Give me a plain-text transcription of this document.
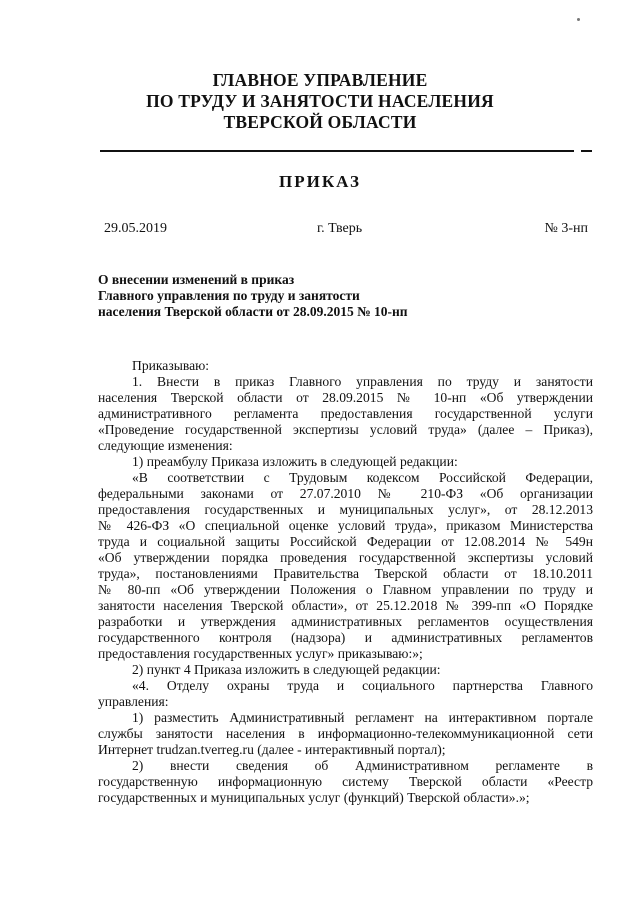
ГЛАВНОЕ УПРАВЛЕНИЕ
ПО ТРУДУ И ЗАНЯТОСТИ НАСЕЛЕНИЯ
ТВЕРСКОЙ ОБЛАСТИ
ПРИКАЗ
29.05.2019	г. Тверь	№ 3-нп
О внесении изменений в приказ
Главного управления по труду и занятости
населения Тверской области от 28.09.2015 № 10-нп
Приказываю:
1. Внести в приказ Главного управления по труду и занятости
населения Тверской области от 28.09.2015 № 10-нп «Об утверждении
административного регламента предоставления государственной услуги
«Проведение государственной экспертизы условий труда» (далее – Приказ),
следующие изменения:
1) преамбулу Приказа изложить в следующей редакции:
«В соответствии с Трудовым кодексом Российской Федерации,
федеральными законами от 27.07.2010 № 210-ФЗ «Об организации
предоставления государственных и муниципальных услуг», от 28.12.2013
№ 426-ФЗ «О специальной оценке условий труда», приказом Министерства
труда и социальной защиты Российской Федерации от 12.08.2014 № 549н
«Об утверждении порядка проведения государственной экспертизы условий
труда», постановлениями Правительства Тверской области от 18.10.2011
№ 80-пп «Об утверждении Положения о Главном управлении по труду и
занятости населения Тверской области», от 25.12.2018 № 399-пп «О Порядке
разработки и утверждения административных регламентов осуществления
государственного контроля (надзора) и административных регламентов
предоставления государственных услуг» приказываю:»;
2) пункт 4 Приказа изложить в следующей редакции:
«4. Отделу охраны труда и социального партнерства Главного
управления:
1) разместить Административный регламент на интерактивном портале
службы занятости населения в информационно-телекоммуникационной сети
Интернет trudzan.tverreg.ru (далее - интерактивный портал);
2) внести сведения об Административном регламенте в
государственную информационную систему Тверской области «Реестр
государственных и муниципальных услуг (функций) Тверской области».»;
